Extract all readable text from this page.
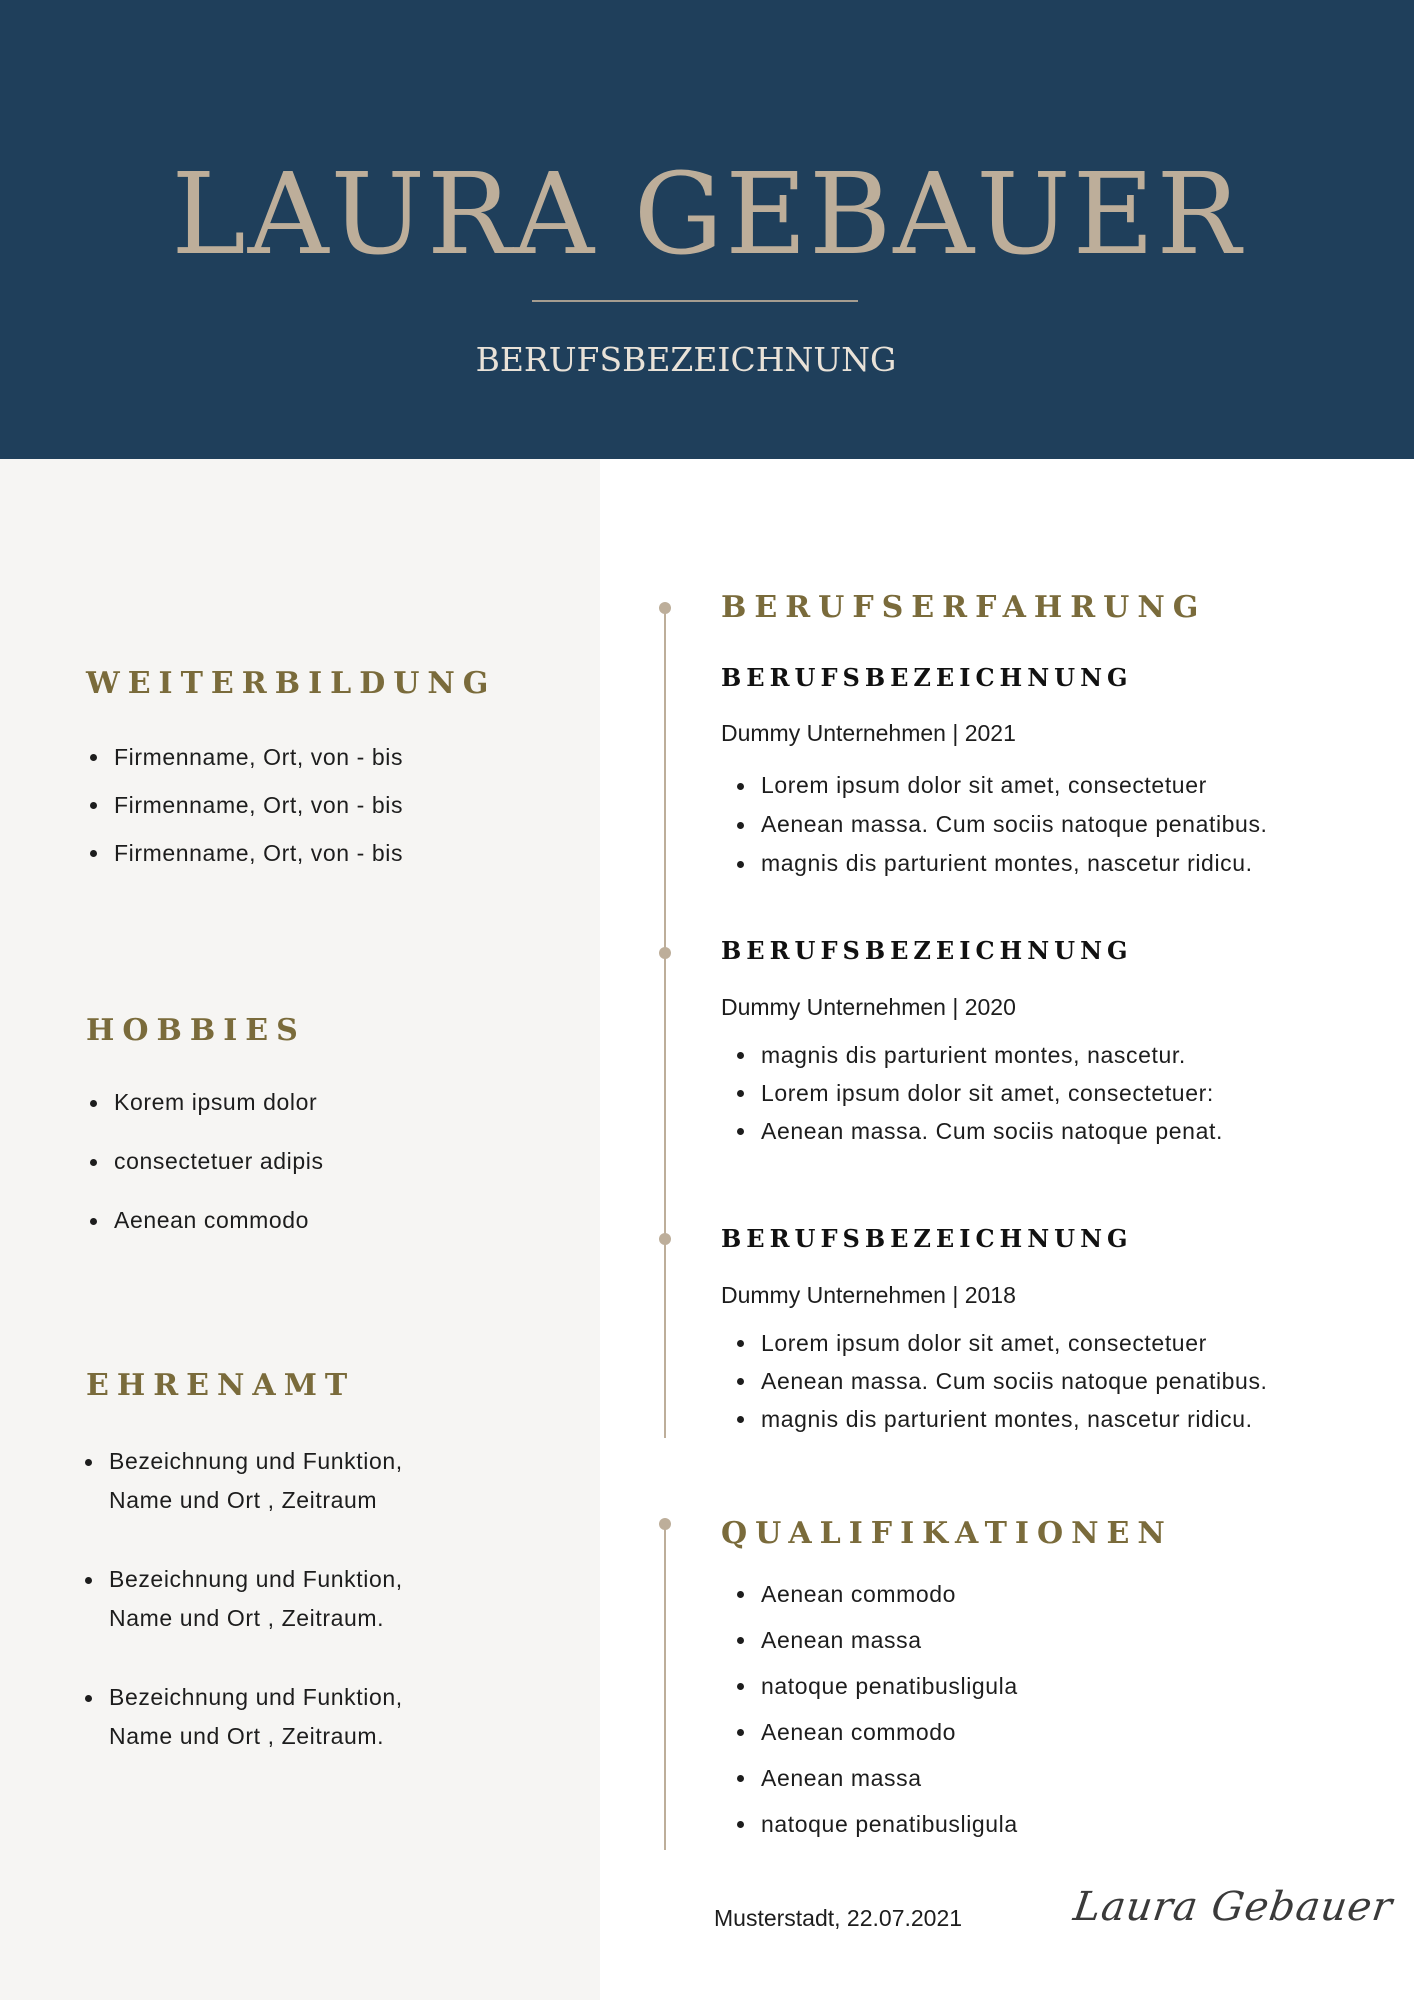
LAURA GEBAUER
BERUFSBEZEICHNUNG
WEITERBILDUNG
Firmenname, Ort, von - bis
Firmenname, Ort, von - bis
Firmenname, Ort, von - bis
HOBBIES
Korem ipsum dolor
consectetuer adipis
Aenean commodo
EHRENAMT
Bezeichnung und Funktion,
Name und Ort , Zeitraum
Bezeichnung und Funktion,
Name und Ort , Zeitraum.
Bezeichnung und Funktion,
Name und Ort , Zeitraum.
BERUFSERFAHRUNG
BERUFSBEZEICHNUNG
Dummy Unternehmen | 2021
Lorem ipsum dolor sit amet, consectetuer
Aenean massa. Cum sociis natoque penatibus.
magnis dis parturient montes, nascetur ridicu.
BERUFSBEZEICHNUNG
Dummy Unternehmen | 2020
magnis dis parturient montes, nascetur.
Lorem ipsum dolor sit amet, consectetuer:
Aenean massa. Cum sociis natoque penat.
BERUFSBEZEICHNUNG
Dummy Unternehmen | 2018
Lorem ipsum dolor sit amet, consectetuer
Aenean massa. Cum sociis natoque penatibus.
magnis dis parturient montes, nascetur ridicu.
QUALIFIKATIONEN
Aenean commodo
Aenean massa
natoque penatibusligula
Aenean commodo
Aenean massa
natoque penatibusligula
Musterstadt, 22.07.2021	Laura Gebauer
